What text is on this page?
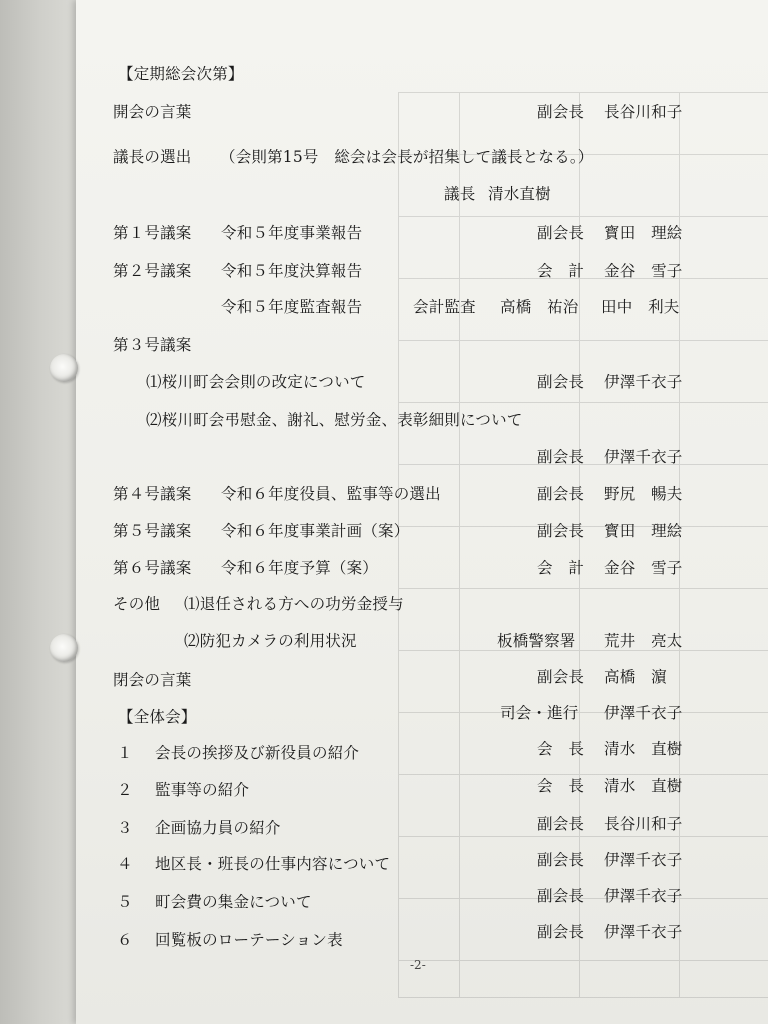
【定期総会次第】
開会の言葉	副会長 長谷川和子
議長の選出 （会則第15号　総会は会長が招集して議長となる。）
議長 清水直樹
第１号議案 令和５年度事業報告	副会長 寳田　理絵
第２号議案 令和５年度決算報告	会　計 金谷　雪子
令和５年度監査報告	会計監査 高橋　祐治 田中　利夫
第３号議案
⑴桜川町会会則の改定について	副会長 伊澤千衣子
⑵桜川町会弔慰金、謝礼、慰労金、表彰細則について
副会長 伊澤千衣子
第４号議案 令和６年度役員、監事等の選出	副会長 野尻　暢夫
第５号議案 令和６年度事業計画（案）	副会長 寳田　理絵
第６号議案 令和６年度予算（案）	会　計 金谷　雪子
その他 ⑴退任される方への功労金授与
⑵防犯カメラの利用状況	板橋警察署 荒井　亮太
閉会の言葉	副会長 高橋　濵
【全体会】	司会・進行 伊澤千衣子
１ 会長の挨拶及び新役員の紹介	会　長 清水　直樹
２ 監事等の紹介	会　長 清水　直樹
３ 企画協力員の紹介	副会長 長谷川和子
４ 地区長・班長の仕事内容について	副会長 伊澤千衣子
５ 町会費の集金について	副会長 伊澤千衣子
６ 回覧板のローテーション表	副会長 伊澤千衣子
-2-
